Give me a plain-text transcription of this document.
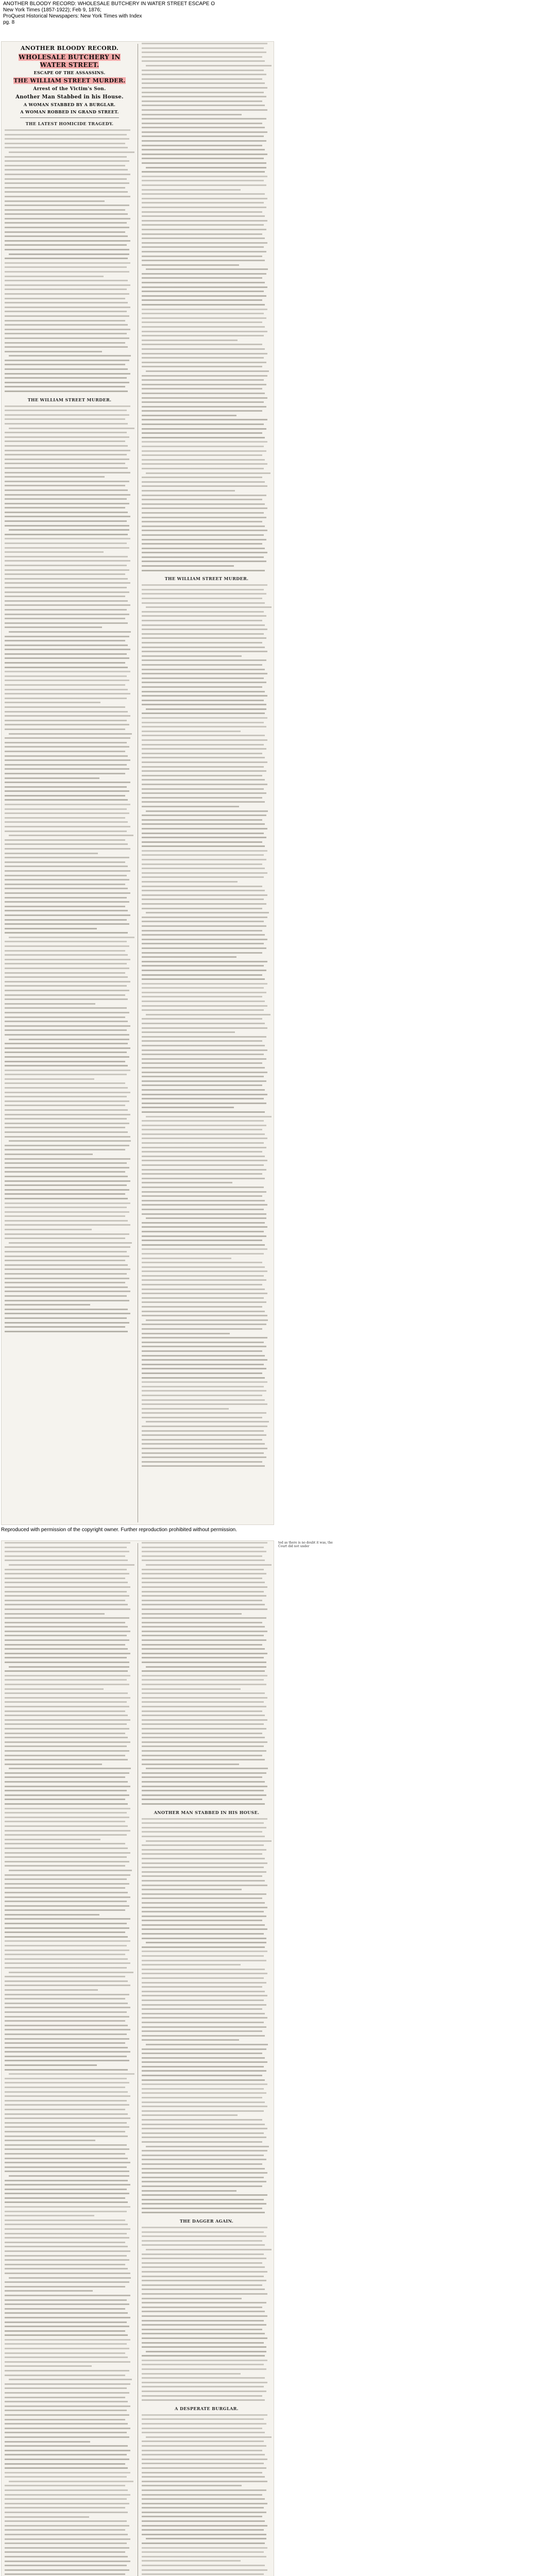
ANOTHER BLOODY RECORD: WHOLESALE BUTCHERY IN WATER STREET ESCAPE O
New York Times (1857-1922); Feb 9, 1876;
ProQuest Historical Newspapers: New York Times with Index
pg. 8
ANOTHER BLOODY RECORD.
WHOLESALE BUTCHERY IN WATER STREET.
ESCAPE OF THE ASSASSINS.
THE WILLIAM STREET MURDER.
Arrest of the Victim's Son.
Another Man Stabbed in his House.
A WOMAN STABBED BY A BURGLAR.
A WOMAN ROBBED IN GRAND STREET.
THE LATEST HOMICIDE TRAGEDY.
THE WILLIAM STREET MURDER.
THE WILLIAM STREET MURDER.
Reproduced with permission of the copyright owner. Further reproduction prohibited without permission.
ANOTHER MAN STABBED IN HIS HOUSE.
THE DAGGER AGAIN.
A DESPERATE BURGLAR.
ted as there is no doubt it was, the Court did not under
